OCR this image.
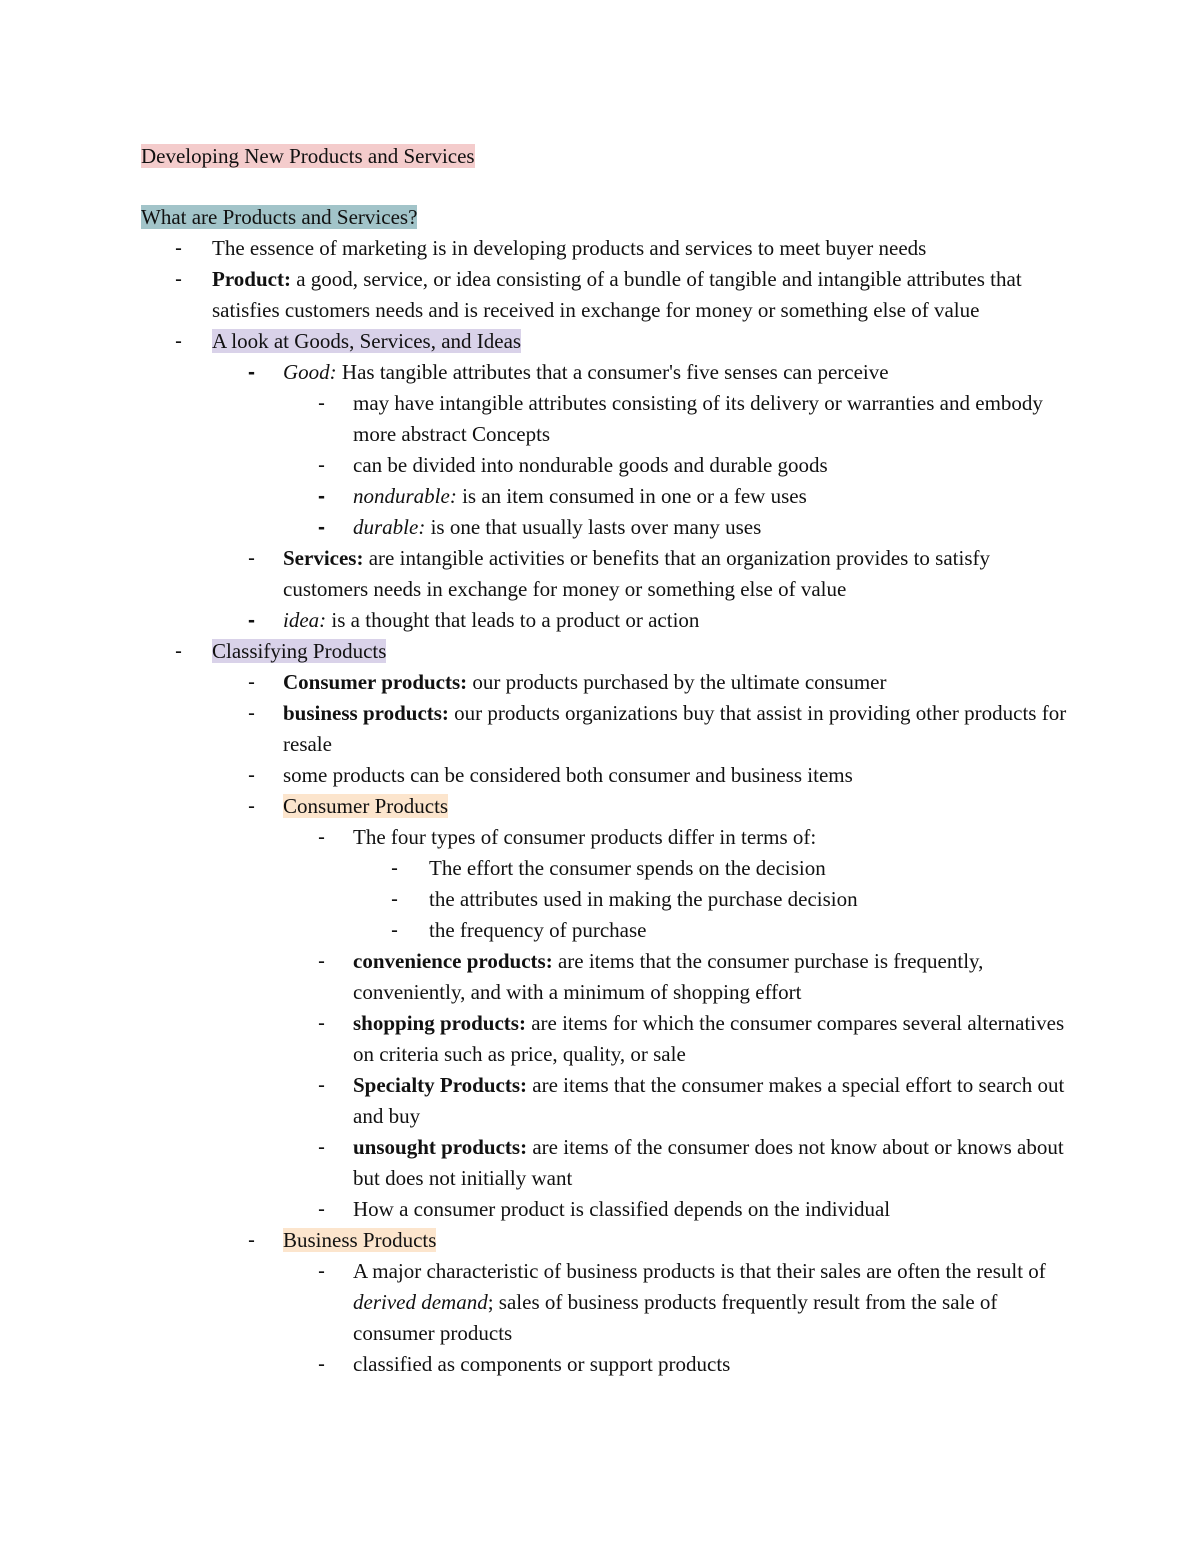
Developing New Products and Services
What are Products and Services?
- The essence of marketing is in developing products and services to meet buyer needs
- Product: a good, service, or idea consisting of a bundle of tangible and intangible attributes that satisfies customers needs and is received in exchange for money or something else of value
- A look at Goods, Services, and Ideas
- Good: Has tangible attributes that a consumer's five senses can perceive
- may have intangible attributes consisting of its delivery or warranties and embody more abstract Concepts
- can be divided into nondurable goods and durable goods
- nondurable: is an item consumed in one or a few uses
- durable: is one that usually lasts over many uses
- Services: are intangible activities or benefits that an organization provides to satisfy customers needs in exchange for money or something else of value
- idea: is a thought that leads to a product or action
- Classifying Products
- Consumer products: our products purchased by the ultimate consumer
- business products: our products organizations buy that assist in providing other products for resale
- some products can be considered both consumer and business items
- Consumer Products
- The four types of consumer products differ in terms of:
- The effort the consumer spends on the decision
- the attributes used in making the purchase decision
- the frequency of purchase
- convenience products: are items that the consumer purchase is frequently, conveniently, and with a minimum of shopping effort
- shopping products: are items for which the consumer compares several alternatives on criteria such as price, quality, or sale
- Specialty Products: are items that the consumer makes a special effort to search out and buy
- unsought products: are items of the consumer does not know about or knows about but does not initially want
- How a consumer product is classified depends on the individual
- Business Products
- A major characteristic of business products is that their sales are often the result of derived demand; sales of business products frequently result from the sale of consumer products
- classified as components or support products
